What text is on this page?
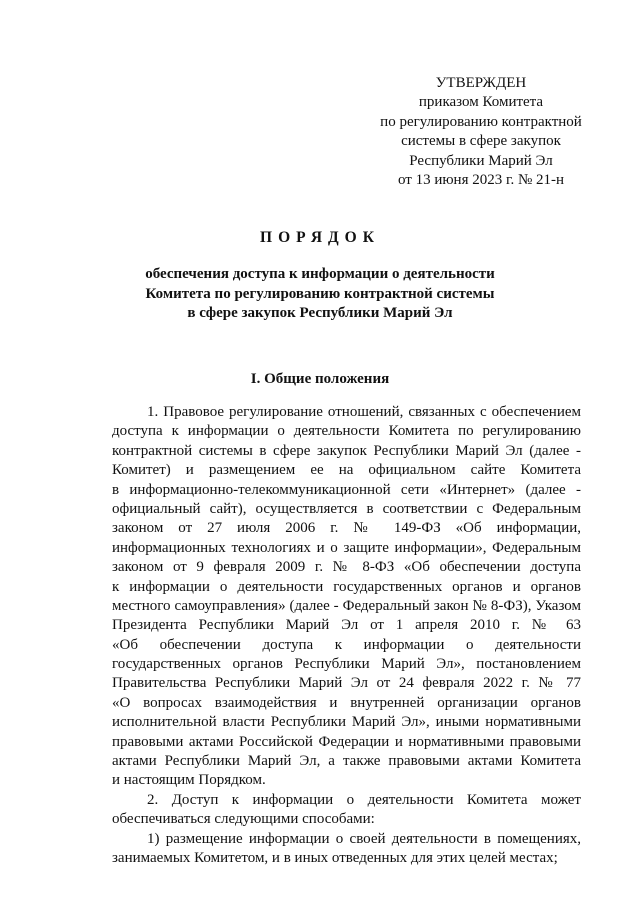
УТВЕРЖДЕН
приказом Комитета
по регулированию контрактной
системы в сфере закупок
Республики Марий Эл
от 13 июня 2023 г. № 21-н
ПОРЯДОК
обеспечения доступа к информации о деятельности
Комитета по регулированию контрактной системы
в сфере закупок Республики Марий Эл
I. Общие положения
1. Правовое регулирование отношений, связанных с обеспечением
доступа к информации о деятельности Комитета по регулированию
контрактной системы в сфере закупок Республики Марий Эл (далее -
Комитет) и размещением ее на официальном сайте Комитета
в информационно-телекоммуникационной сети «Интернет» (далее -
официальный сайт), осуществляется в соответствии с Федеральным
законом от 27 июля 2006 г. № 149-ФЗ «Об информации,
информационных технологиях и о защите информации», Федеральным
законом от 9 февраля 2009 г. № 8-ФЗ «Об обеспечении доступа
к информации о деятельности государственных органов и органов
местного самоуправления» (далее - Федеральный закон № 8-ФЗ), Указом
Президента Республики Марий Эл от 1 апреля 2010 г. № 63
«Об обеспечении доступа к информации о деятельности
государственных органов Республики Марий Эл», постановлением
Правительства Республики Марий Эл от 24 февраля 2022 г. № 77
«О вопросах взаимодействия и внутренней организации органов
исполнительной власти Республики Марий Эл», иными нормативными
правовыми актами Российской Федерации и нормативными правовыми
актами Республики Марий Эл, а также правовыми актами Комитета
и настоящим Порядком.
2. Доступ к информации о деятельности Комитета может
обеспечиваться следующими способами:
1) размещение информации о своей деятельности в помещениях,
занимаемых Комитетом, и в иных отведенных для этих целей местах;
